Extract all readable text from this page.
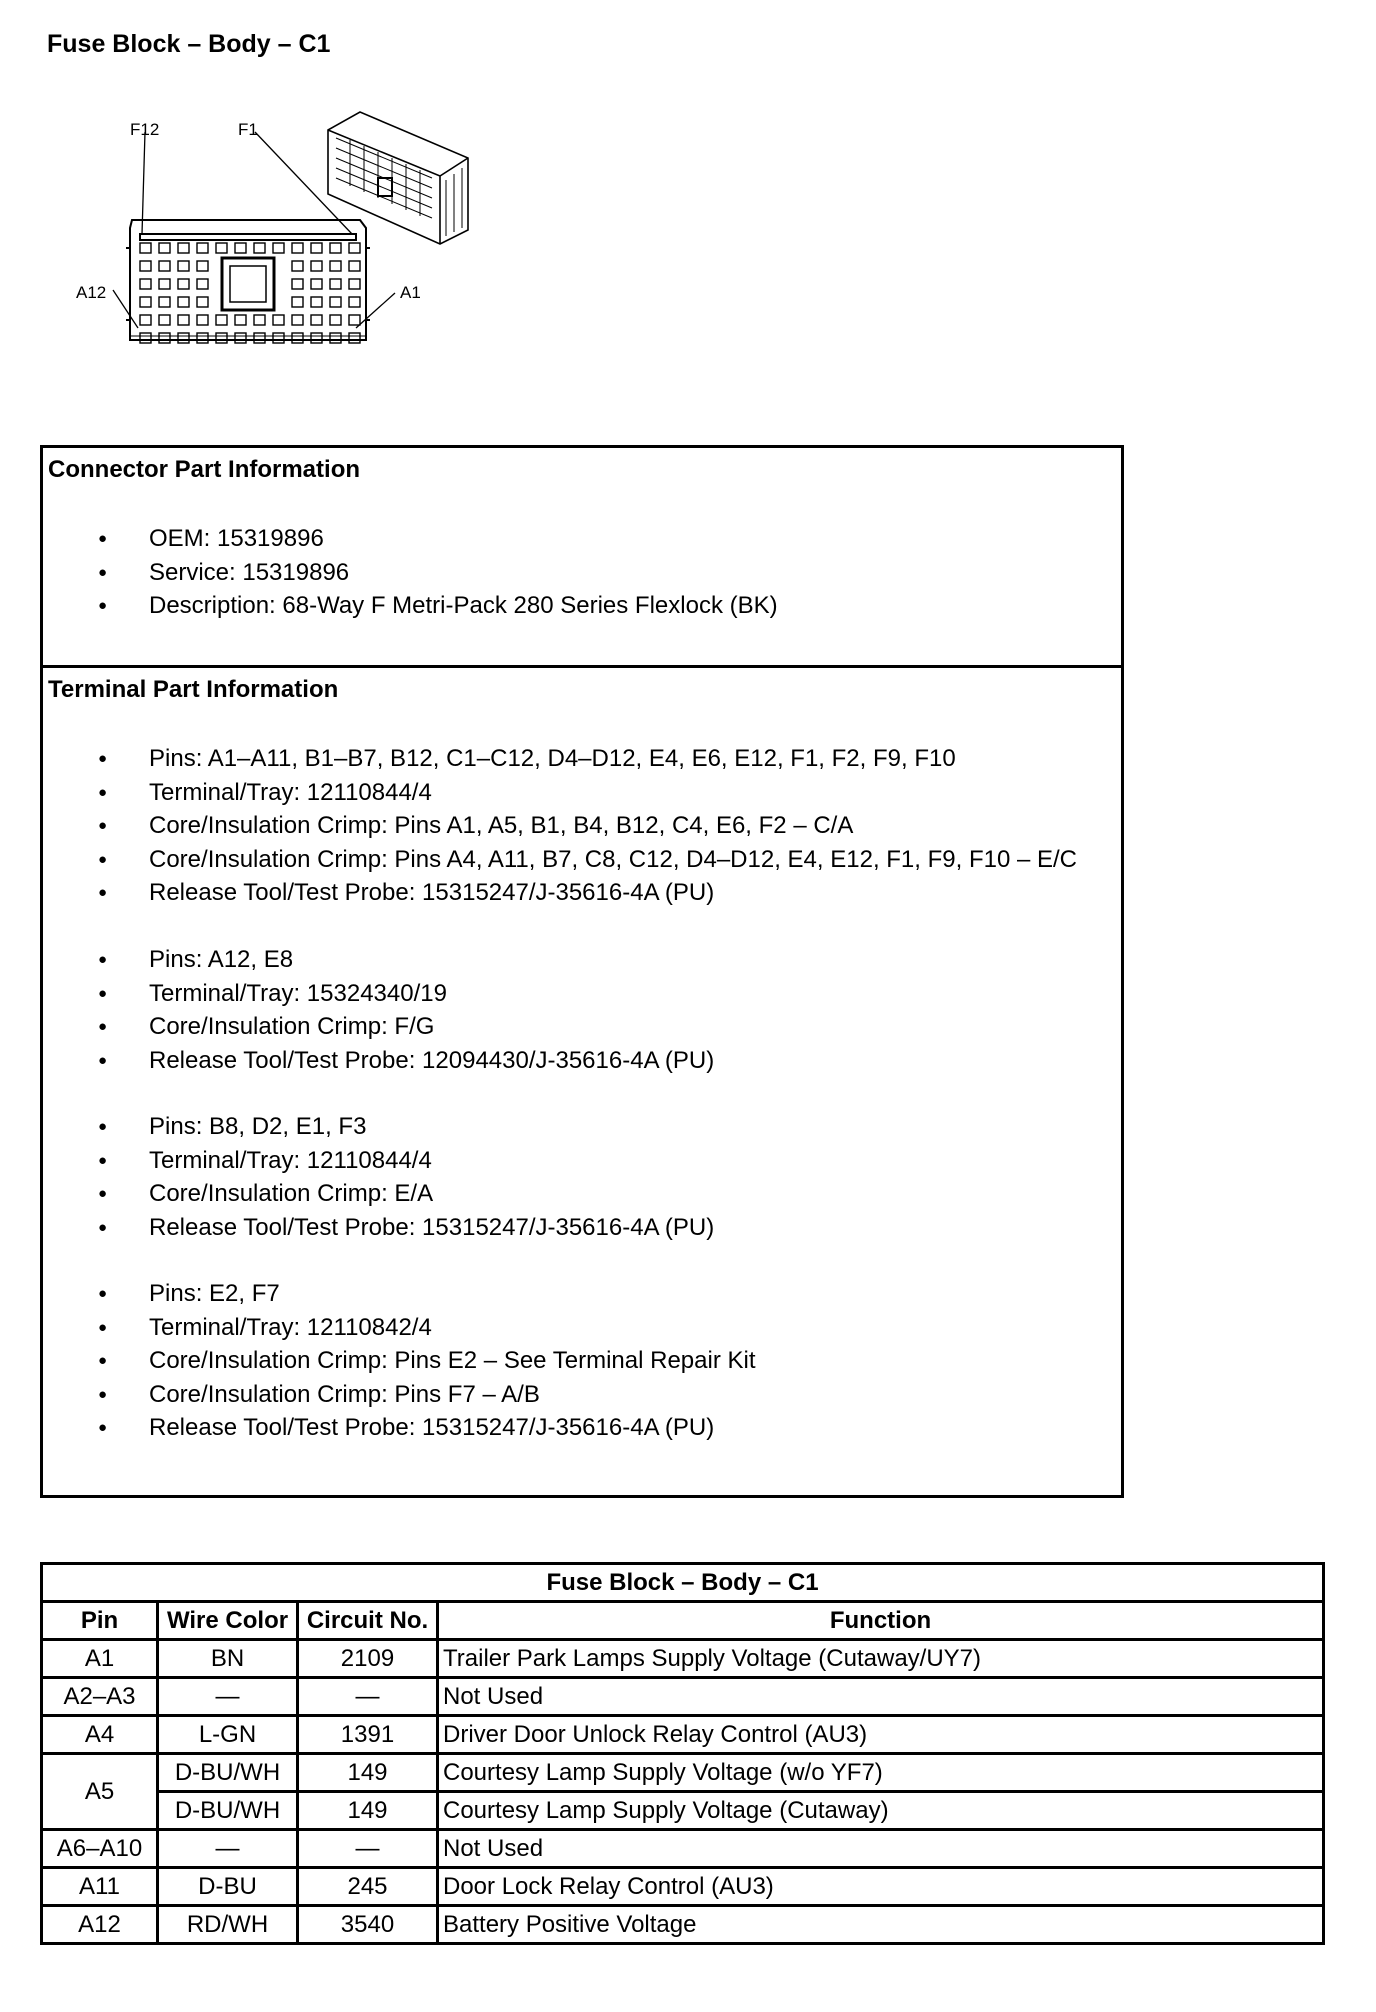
Fuse Block – Body – C1
F12	F1
A12	A1
Connector Part Information
● OEM: 15319896
● Service: 15319896
● Description: 68-Way F Metri-Pack 280 Series Flexlock (BK)
Terminal Part Information
● Pins: A1–A11, B1–B7, B12, C1–C12, D4–D12, E4, E6, E12, F1, F2, F9, F10
● Terminal/Tray: 12110844/4
● Core/Insulation Crimp: Pins A1, A5, B1, B4, B12, C4, E6, F2 – C/A
● Core/Insulation Crimp: Pins A4, A11, B7, C8, C12, D4–D12, E4, E12, F1, F9, F10 – E/C
● Release Tool/Test Probe: 15315247/J-35616-4A (PU)
● Pins: A12, E8
● Terminal/Tray: 15324340/19
● Core/Insulation Crimp: F/G
● Release Tool/Test Probe: 12094430/J-35616-4A (PU)
● Pins: B8, D2, E1, F3
● Terminal/Tray: 12110844/4
● Core/Insulation Crimp: E/A
● Release Tool/Test Probe: 15315247/J-35616-4A (PU)
● Pins: E2, F7
● Terminal/Tray: 12110842/4
● Core/Insulation Crimp: Pins E2 – See Terminal Repair Kit
● Core/Insulation Crimp: Pins F7 – A/B
● Release Tool/Test Probe: 15315247/J-35616-4A (PU)
Fuse Block – Body – C1			
Pin	Wire Color	Circuit No.	Function
A1	BN	2109	Trailer Park Lamps Supply Voltage (Cutaway/UY7)
A2–A3	—	—	Not Used
A4	L-GN	1391	Driver Door Unlock Relay Control (AU3)
A5	D-BU/WH	149	Courtesy Lamp Supply Voltage (w/o YF7)
	D-BU/WH	149	Courtesy Lamp Supply Voltage (Cutaway)
A6–A10	—	—	Not Used
A11	D-BU	245	Door Lock Relay Control (AU3)
A12	RD/WH	3540	Battery Positive Voltage
